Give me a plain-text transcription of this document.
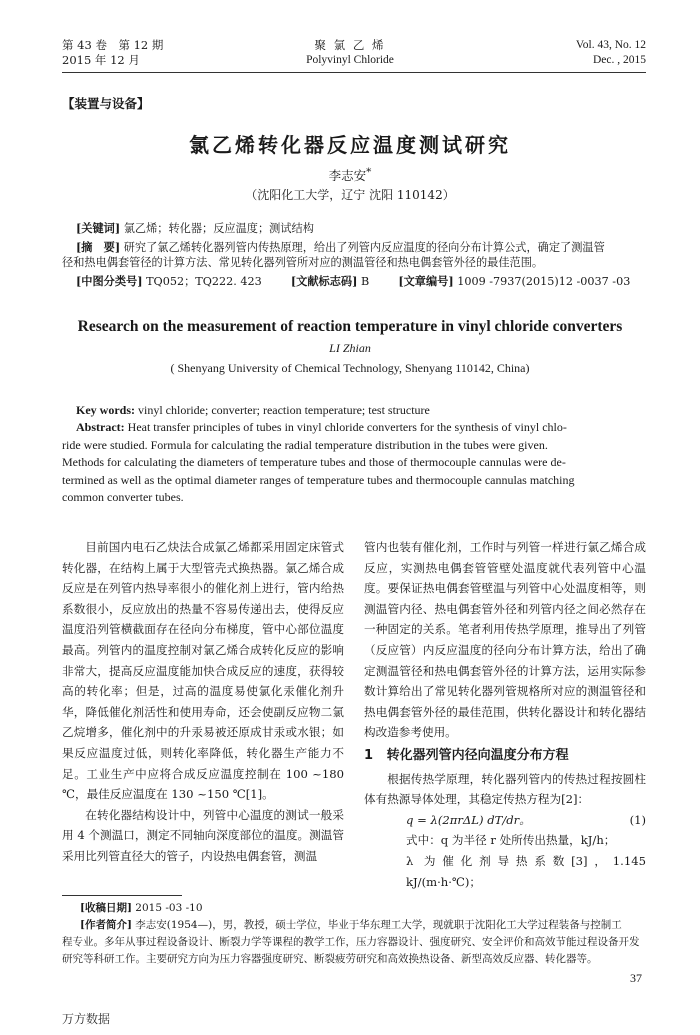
第 43 卷　第 12 期
2015 年 12 月
聚 氯 乙 烯
Polyvinyl Chloride
Vol. 43, No. 12
Dec. , 2015
【装置与设备】
氯乙烯转化器反应温度测试研究
李志安*
（沈阳化工大学，辽宁 沈阳 110142）
[关键词] 氯乙烯；转化器；反应温度；测试结构
[摘　要] 研究了氯乙烯转化器列管内传热原理，给出了列管内反应温度的径向分布计算公式，确定了测温管
径和热电偶套管径的计算方法、常见转化器列管所对应的测温管径和热电偶套管外径的最佳范围。
[中图分类号] TQ052；TQ222. 423	[文献标志码] B	[文章编号] 1009 -7937(2015)12 -0037 -03
Research on the measurement of reaction temperature in vinyl chloride converters
LI Zhian
( Shenyang University of Chemical Technology, Shenyang 110142, China)
Key words: vinyl chloride; converter; reaction temperature; test structure
Abstract: Heat transfer principles of tubes in vinyl chloride converters for the synthesis of vinyl chlo-
ride were studied. Formula for calculating the radial temperature distribution in the tubes were given.
Methods for calculating the diameters of temperature tubes and those of thermocouple cannulas were de-
termined as well as the optimal diameter ranges of temperature tubes and thermocouple cannulas matching
common converter tubes.

目前国内电石乙炔法合成氯乙烯都采用固定床管式转化器，在结构上属于大型管壳式换热器。氯乙烯合成反应是在列管内热导率很小的催化剂上进行，管内给热系数很小，反应放出的热量不容易传递出去，使得反应温度沿列管横截面存在径向分布梯度，管中心部位温度最高。列管内的温度控制对氯乙烯合成转化反应的影响非常大，提高反应温度能加快合成反应的速度，获得较高的转化率；但是，过高的温度易使氯化汞催化剂升华，降低催化剂活性和使用寿命，还会使副反应物二氯乙烷增多，催化剂中的升汞易被还原成甘汞或水银；如果反应温度过低，则转化率降低，转化器生产能力不足。工业生产中应将合成反应温度控制在 100 ~180 ℃，最佳反应温度在 130 ~150 ℃[1]。

在转化器结构设计中，列管中心温度的测试一般采用 4 个测温口，测定不同轴向深度部位的温度。测温管采用比列管直径大的管子，内设热电偶套管，测温

管内也装有催化剂，工作时与列管一样进行氯乙烯合成反应，实测热电偶套管管壁处温度就代表列管中心温度。要保证热电偶套管壁温与列管中心处温度相等，则测温管内径、热电偶套管外径和列管内径之间必然存在一种固定的关系。笔者利用传热学原理，推导出了列管（反应管）内反应温度的径向分布计算方法，给出了确定测温管径和热电偶套管外径的计算方法，运用实际参数计算给出了常见转化器列管规格所对应的测温管径和热电偶套管外径的最佳范围，供转化器设计和转化器结构改造参考使用。

1 转化器列管内径向温度分布方程

根据传热学原理，转化器列管内的传热过程按圆柱体有热源导体处理，其稳定传热方程为[2]：

q = λ(2πrΔL) dT/dr。	(1)
式中：q 为半径 r 处所传出热量，kJ/h；
λ 为催化剂导热系数[3]，1.145 kJ/(m·h·℃)；
[收稿日期] 2015 -03 -10
[作者简介] 李志安(1954—)，男，教授，硕士学位，毕业于华东理工大学，现就职于沈阳化工大学过程装备与控制工
程专业。多年从事过程设备设计、断裂力学等课程的教学工作，压力容器设计、强度研究、安全评价和高效节能过程设备开发
研究等科研工作。主要研究方向为压力容器强度研究、断裂疲劳研究和高效换热设备、新型高效反应器、转化器等。
37
万方数据
